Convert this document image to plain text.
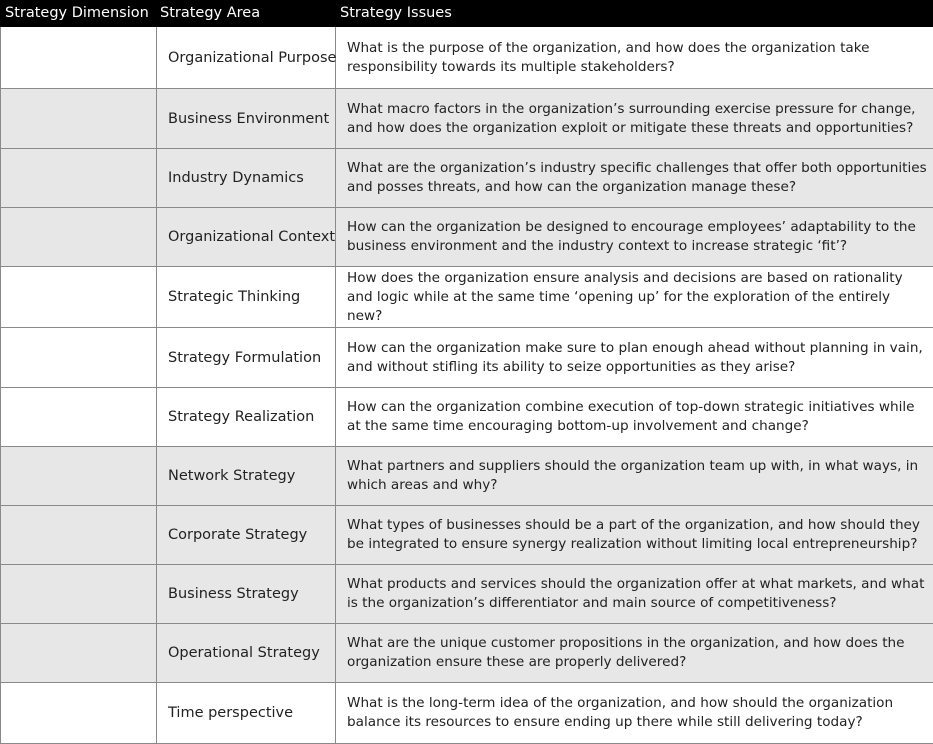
Strategy Dimension Strategy Area	Strategy Issues
Organizational Purpose
What is the purpose of the organization, and how does the organization take responsibility towards its multiple stakeholders?
Business Environment
What macro factors in the organization’s surrounding exercise pressure for change, and how does the organization exploit or mitigate these threats and opportunities?
Industry Dynamics
What are the organization’s industry specific challenges that offer both opportunities and posses threats, and how can the organization manage these?
Organizational Context
How can the organization be designed to encourage employees’ adaptability to the business environment and the industry context to increase strategic ‘fit’?
Strategic Thinking
How does the organization ensure analysis and decisions are based on rationality and logic while at the same time ‘opening up’ for the exploration of the entirely new?
Strategy Formulation
How can the organization make sure to plan enough ahead without planning in vain, and without stifling its ability to seize opportunities as they arise?
Strategy Realization
How can the organization combine execution of top-down strategic initiatives while at the same time encouraging bottom-up involvement and change?
Network Strategy
What partners and suppliers should the organization team up with, in what ways, in which areas and why?
Corporate Strategy
What types of businesses should be a part of the organization, and how should they be integrated to ensure synergy realization without limiting local entrepreneurship?
Business Strategy
What products and services should the organization offer at what markets, and what is the organization’s differentiator and main source of competitiveness?
Operational Strategy
What are the unique customer propositions in the organization, and how does the organization ensure these are properly delivered?
Time perspective
What is the long-term idea of the organization, and how should the organization balance its resources to ensure ending up there while still delivering today?
